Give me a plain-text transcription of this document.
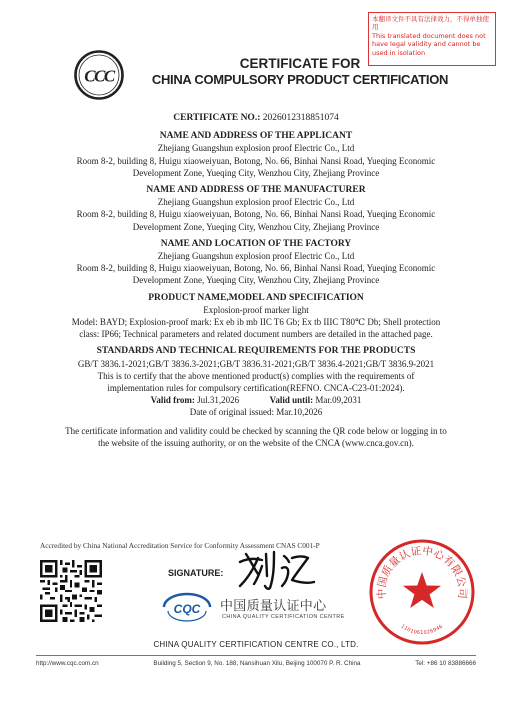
本翻译文件不具有法律效力，不得单独使用
This translated document does not have legal validity and cannot be used in isolation
CCC
CERTIFICATE FOR
CHINA COMPULSORY PRODUCT CERTIFICATION
CERTIFICATE NO.: 2026012318851074
NAME AND ADDRESS OF THE APPLICANT
Zhejiang Guangshun explosion proof Electric Co., Ltd
Room 8-2, building 8, Huigu xiaoweiyuan, Botong, No. 66, Binhai Nansi Road, Yueqing Economic
Development Zone, Yueqing City, Wenzhou City, Zhejiang Province
NAME AND ADDRESS OF THE MANUFACTURER
Zhejiang Guangshun explosion proof Electric Co., Ltd
Room 8-2, building 8, Huigu xiaoweiyuan, Botong, No. 66, Binhai Nansi Road, Yueqing Economic
Development Zone, Yueqing City, Wenzhou City, Zhejiang Province
NAME AND LOCATION OF THE FACTORY
Zhejiang Guangshun explosion proof Electric Co., Ltd
Room 8-2, building 8, Huigu xiaoweiyuan, Botong, No. 66, Binhai Nansi Road, Yueqing Economic
Development Zone, Yueqing City, Wenzhou City, Zhejiang Province
PRODUCT NAME,MODEL AND SPECIFICATION
Explosion-proof marker light
Model: BAYD; Explosion-proof mark: Ex eb ib mb IIC T6 Gb; Ex tb IIIC T80℃ Db; Shell protection
class: IP66; Technical parameters and related document numbers are detailed in the attached page.
STANDARDS AND TECHNICAL REQUIREMENTS FOR THE PRODUCTS
GB/T 3836.1-2021;GB/T 3836.3-2021;GB/T 3836.31-2021;GB/T 3836.4-2021;GB/T 3836.9-2021
This is to certify that the above mentioned product(s) complies with the requirements of
implementation rules for compulsory certification(REFNO. CNCA-C23-01:2024).
Valid from: Jul.31,2026	Valid until: Mar.09,2031
Date of original issued: Mar.10,2026
The certificate information and validity could be checked by scanning the QR code below or logging in to
the website of the issuing authority, or on the website of the CNCA (www.cnca.gov.cn).
Accredited by China National Accreditation Service for Conformity Assessment CNAS C001-P
SIGNATURE:
CQC 中国质量认证中心
CHINA QUALITY CERTIFICATION CENTRE
中国质量认证中心有限公司
1101061026946
CHINA QUALITY CERTIFICATION CENTRE CO., LTD.
http://www.cqc.com.cn	Building 5, Section 9, No. 188, Nansihuan Xilu, Beijing 100070 P. R. China	Tel: +86 10 83886666
